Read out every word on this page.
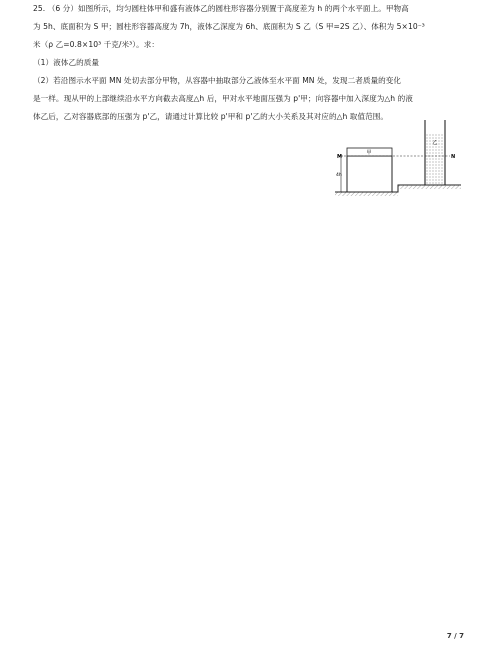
25. （6 分）如图所示，均匀圆柱体甲和盛有液体乙的圆柱形容器分别置于高度差为 h 的两个水平面上。甲物高
为 5h、底面积为 S 甲；圆柱形容器高度为 7h，液体乙深度为 6h、底面积为 S 乙（S 甲=2S 乙）、体积为 5×10⁻³
米（ρ 乙=0.8×10³ 千克/米³）。求：
（1）液体乙的质量
（2）若沿图示水平面 MN 处切去部分甲物，从容器中抽取部分乙液体至水平面 MN 处，发现二者质量的变化
是一样。现从甲的上部继续沿水平方向截去高度△h 后，甲对水平地面压强为 p'甲；向容器中加入深度为△h 的液
体乙后，乙对容器底部的压强为 p'乙，请通过计算比较 p'甲和 p'乙的大小关系及其对应的△h 取值范围。
甲
4h
乙
M	N
7 / 7
